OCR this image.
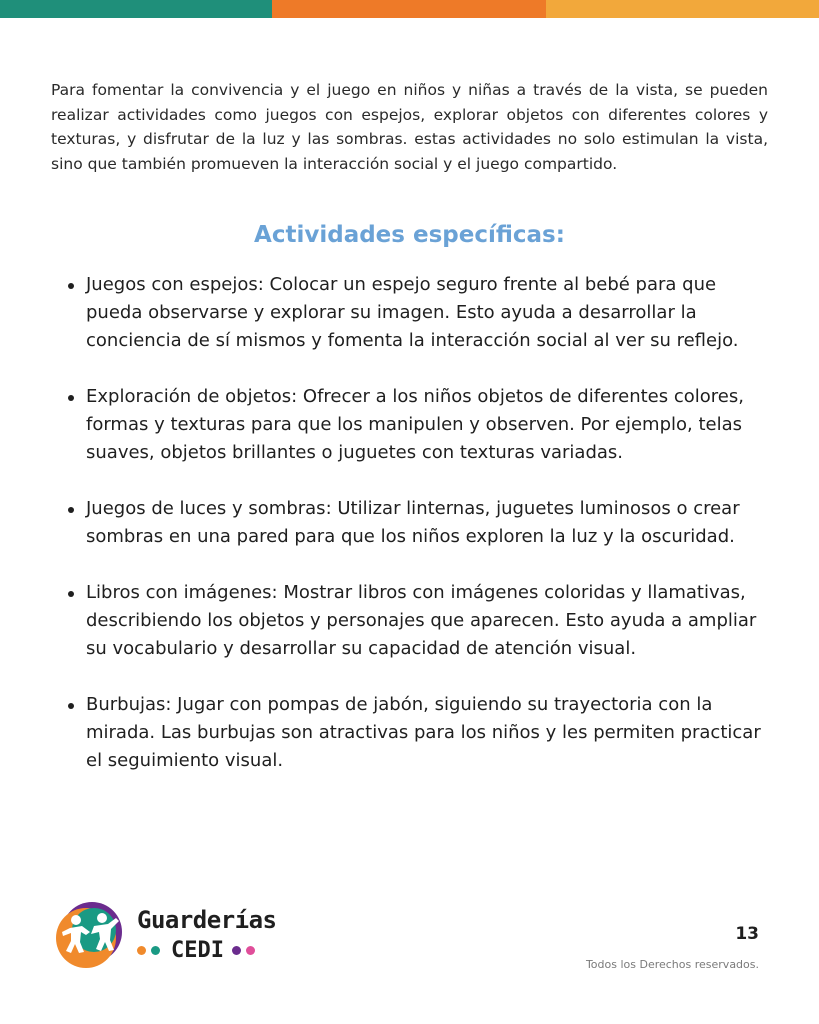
Para fomentar la convivencia y el juego en niños y niñas a través de la vista, se pueden realizar actividades como juegos con espejos, explorar objetos con diferentes colores y texturas, y disfrutar de la luz y las sombras. estas actividades no solo estimulan la vista, sino que también promueven la interacción social y el juego compartido.

Actividades específicas:
Juegos con espejos: Colocar un espejo seguro frente al bebé para que pueda observarse y explorar su imagen. Esto ayuda a desarrollar la conciencia de sí mismos y fomenta la interacción social al ver su reflejo.
Exploración de objetos: Ofrecer a los niños objetos de diferentes colores, formas y texturas para que los manipulen y observen. Por ejemplo, telas suaves, objetos brillantes o juguetes con texturas variadas.
Juegos de luces y sombras: Utilizar linternas, juguetes luminosos o crear sombras en una pared para que los niños exploren la luz y la oscuridad.
Libros con imágenes: Mostrar libros con imágenes coloridas y llamativas, describiendo los objetos y personajes que aparecen. Esto ayuda a ampliar su vocabulario y desarrollar su capacidad de atención visual.
Burbujas: Jugar con pompas de jabón, siguiendo su trayectoria con la mirada. Las burbujas son atractivas para los niños y les permiten practicar el seguimiento visual.
Guarderías
CEDI
13
Todos los Derechos reservados.
